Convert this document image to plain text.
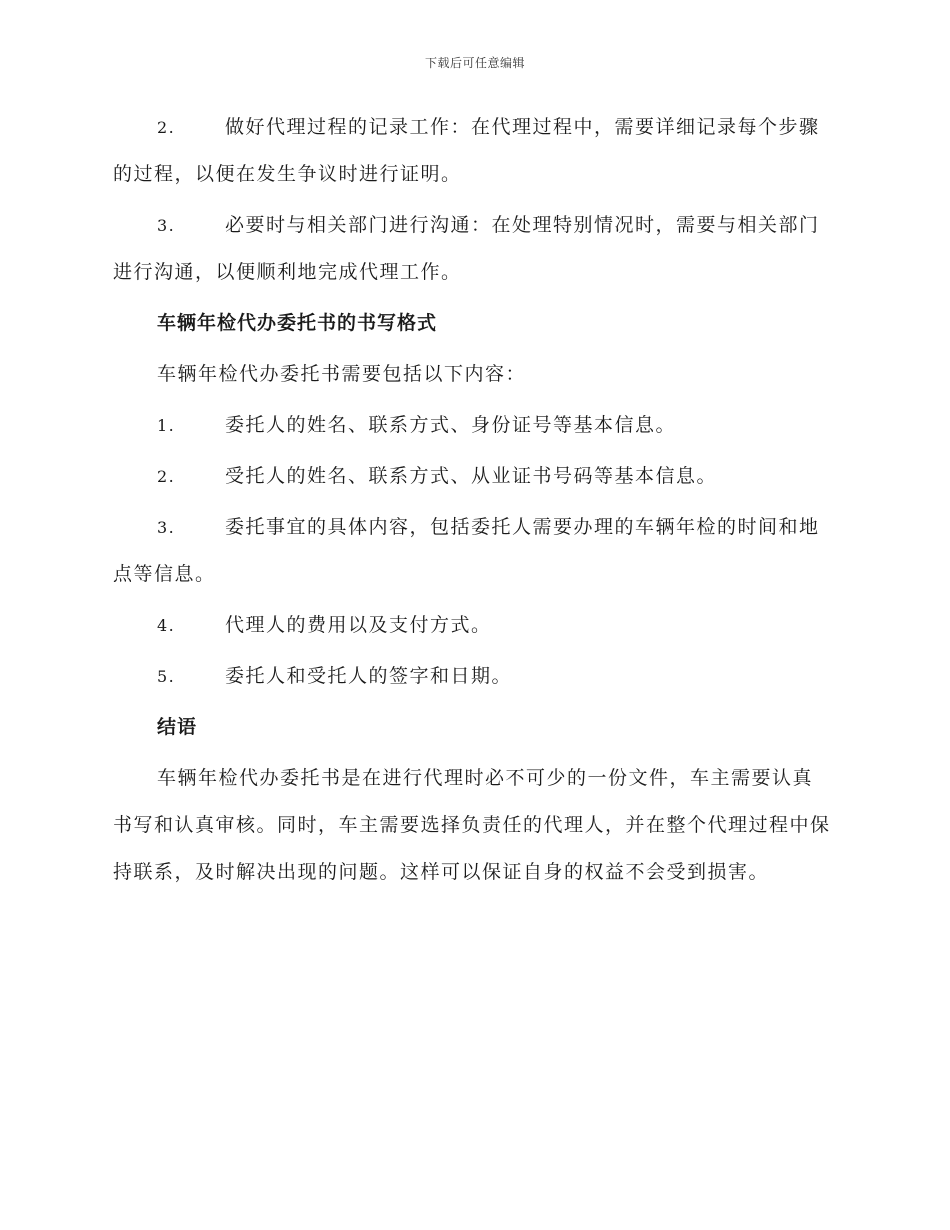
下载后可任意编辑
2.	做好代理过程的记录工作：在代理过程中，需要详细记录每个步骤的过程，以便在发生争议时进行证明。
3.	必要时与相关部门进行沟通：在处理特别情况时，需要与相关部门进行沟通，以便顺利地完成代理工作。
车辆年检代办委托书的书写格式
车辆年检代办委托书需要包括以下内容：
1.	委托人的姓名、联系方式、身份证号等基本信息。
2.	受托人的姓名、联系方式、从业证书号码等基本信息。
3.	委托事宜的具体内容，包括委托人需要办理的车辆年检的时间和地点等信息。
4.	代理人的费用以及支付方式。
5.	委托人和受托人的签字和日期。
结语
车辆年检代办委托书是在进行代理时必不可少的一份文件，车主需要认真书写和认真审核。同时，车主需要选择负责任的代理人，并在整个代理过程中保持联系，及时解决出现的问题。这样可以保证自身的权益不会受到损害。
